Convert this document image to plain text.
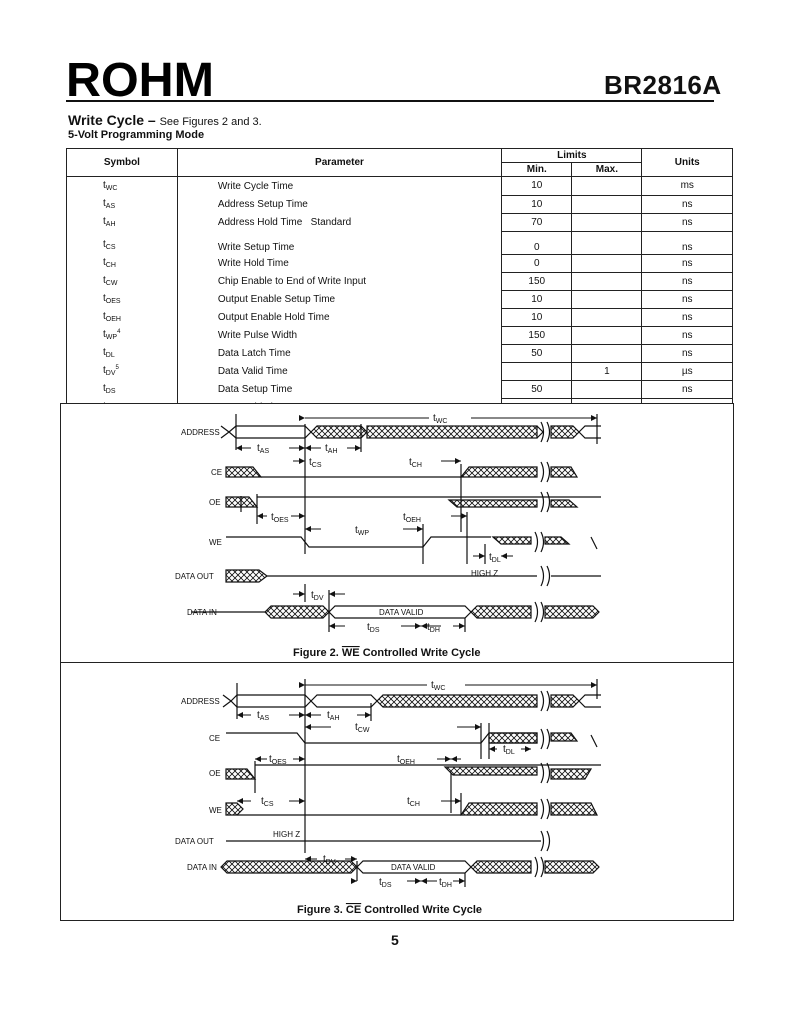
ROHM	BR2816A
Write Cycle – See Figures 2 and 3.
5-Volt Programming Mode
Symbol	Parameter	Limits		Units
		Min.	Max.	
$t_{WC}$	Write Cycle Time	10		ms
$t_{AS}$	Address Setup Time	10		ns
$t_{AH}$	Address Hold Time Standard	70		ns
$t_{CS}$	Write Setup Time	0		ns
$t_{CH}$	Write Hold Time	0		ns
$t_{CW}$	Chip Enable to End of Write Input	150		ns
$t_{OES}$	Output Enable Setup Time	10		ns
$t_{OEH}$	Output Enable Hold Time	10		ns
$t_{WP}^4$	Write Pulse Width	150		ns
$t_{DL}$	Data Latch Time	50		ns
$t_{DV}^5$	Data Valid Time		1	µs
$t_{DS}$	Data Setup Time	50		ns

ADDRESS
CE
OE
WE
DATA OUT
DATA IN
HIGH Z
DATA VALID
$t_{WC}$
$t_{AS}$	$t_{AH}$
$t_{CS}$	$t_{CH}$
$t_{OES}$	$t_{OEH}$
$t_{WP}$
$t_{DL}$
$t_{DV}$
$t_{DS}$	$t_{DH}$
Figure 2. WE Controlled Write Cycle
ADDRESS
CE
OE
WE
DATA OUT
DATA IN
HIGH Z
DATA VALID
$t_{WC}$
$t_{AS}$	$t_{AH}$
$t_{CW}$
$t_{DL}$
$t_{OES}$	$t_{OEH}$
$t_{CS}$	$t_{CH}$
$t_{DV}$
$t_{DS}$	$t_{DH}$
Figure 3. CE Controlled Write Cycle
5
